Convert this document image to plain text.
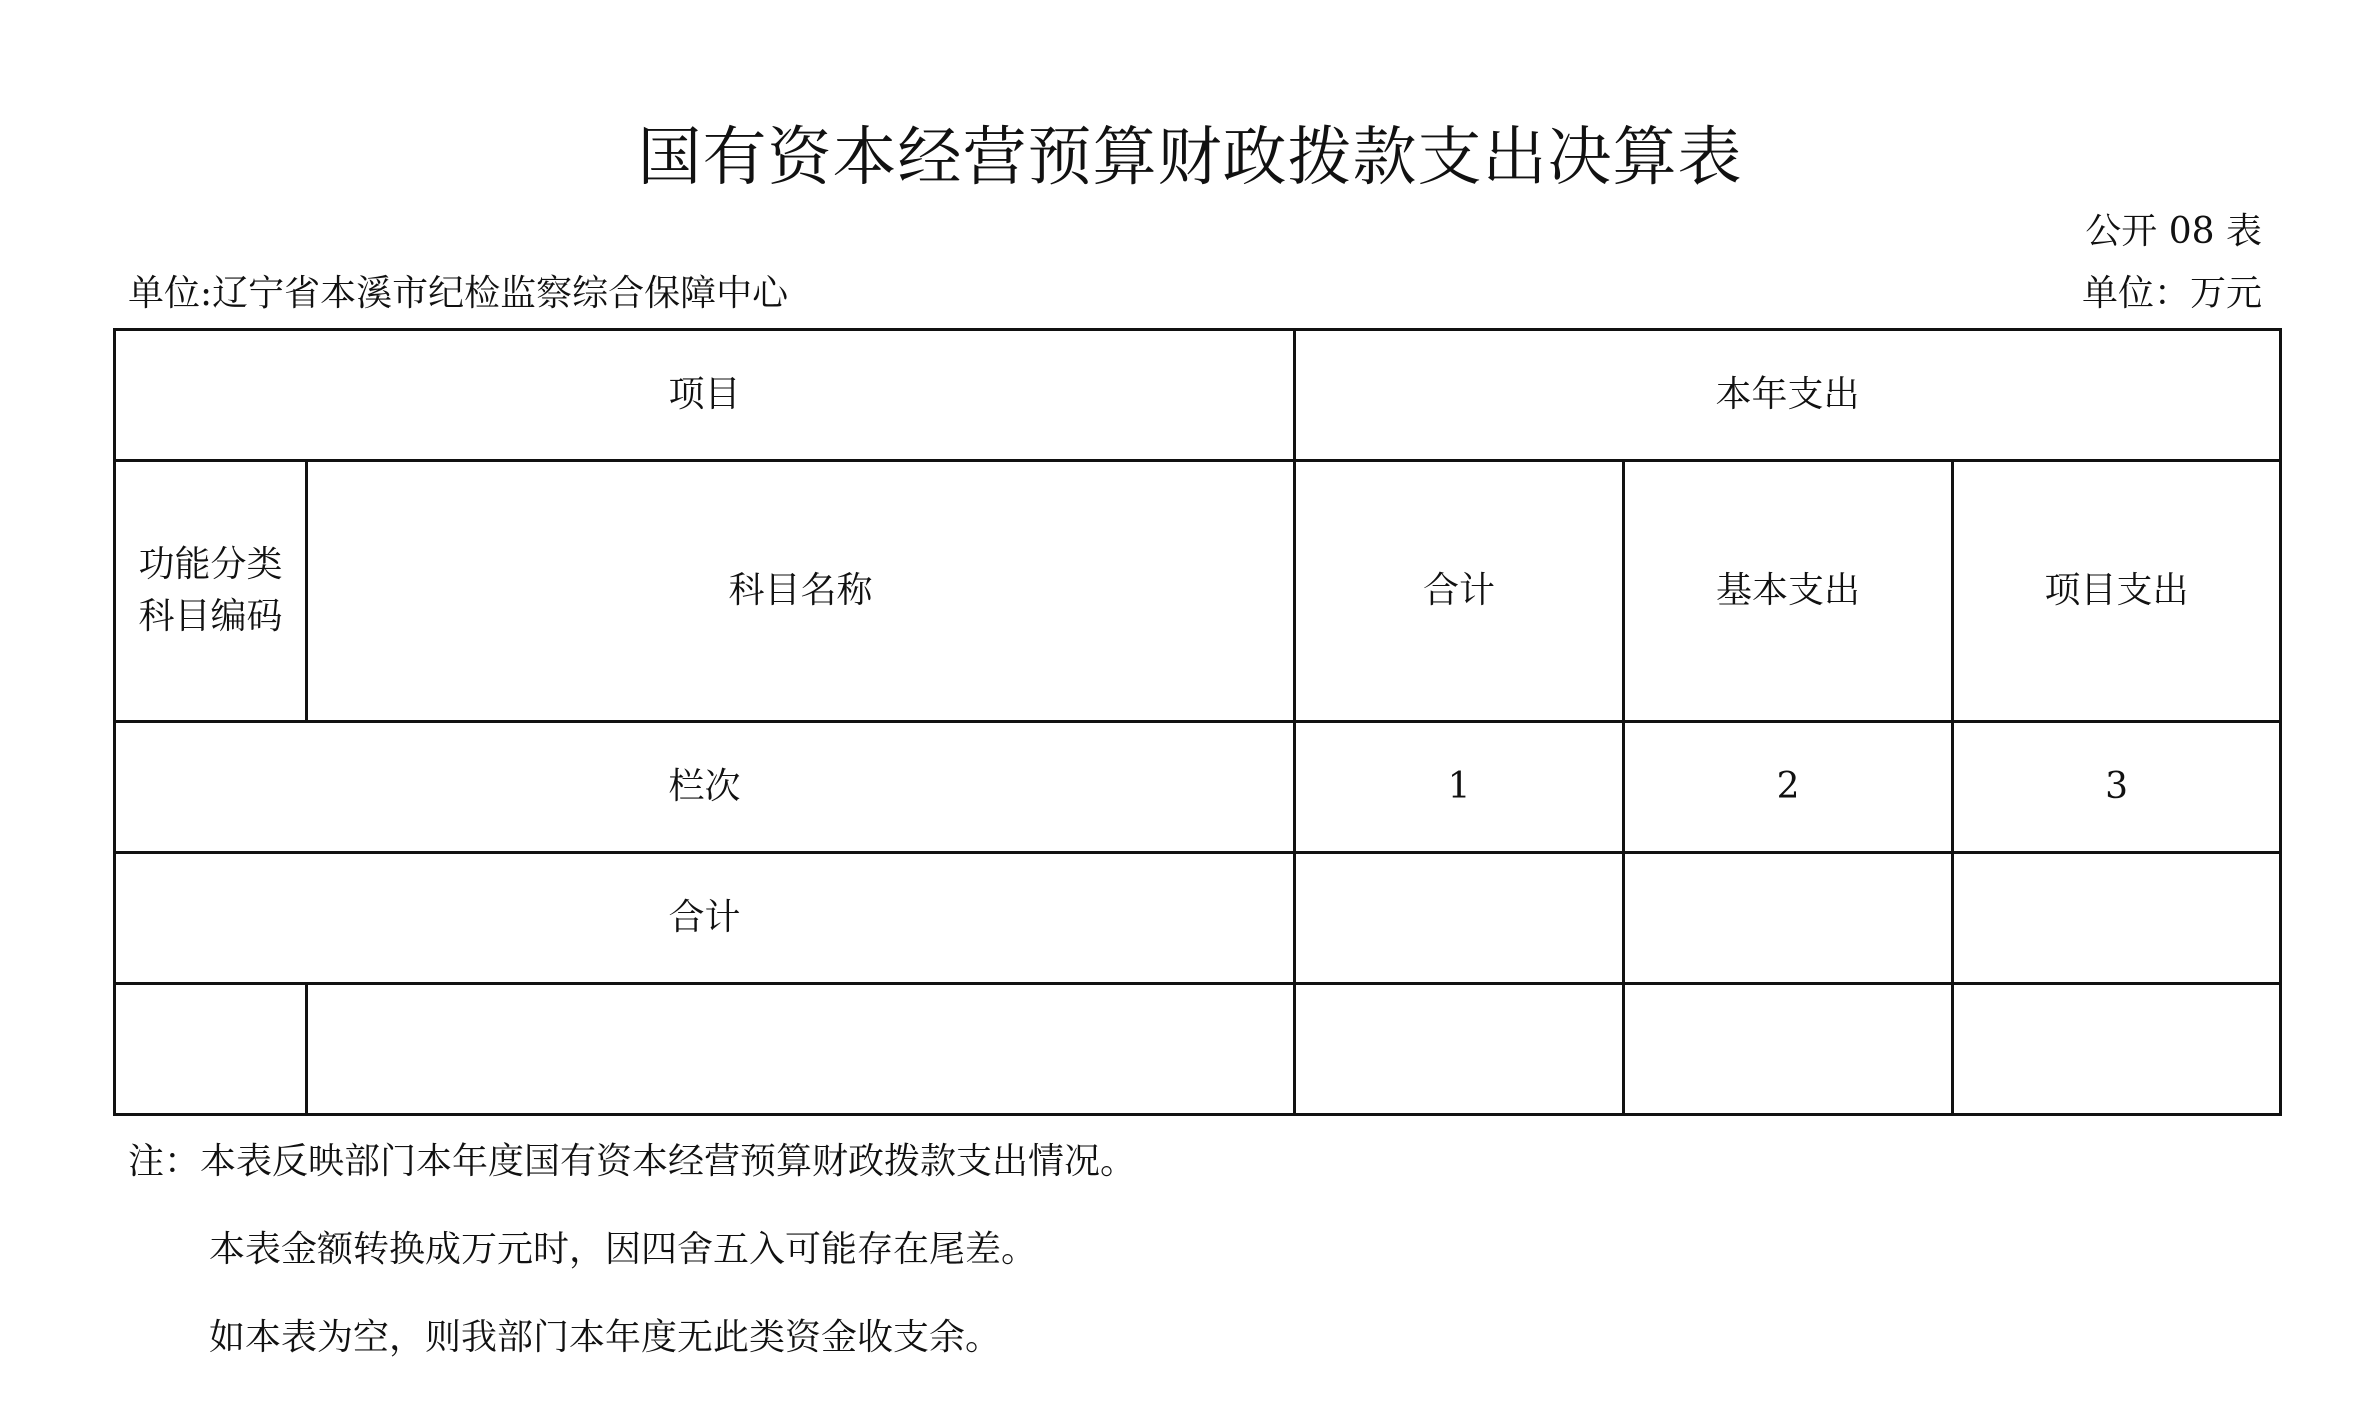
国有资本经营预算财政拨款支出决算表
公开 08 表
单位:辽宁省本溪市纪检监察综合保障中心	单位：万元
项目		本年支出		
功能分类
科目编码	科目名称	合计	基本支出	项目支出
栏次		1	2	3
合计				

注：本表反映部门本年度国有资本经营预算财政拨款支出情况。
本表金额转换成万元时，因四舍五入可能存在尾差。
如本表为空，则我部门本年度无此类资金收支余。
